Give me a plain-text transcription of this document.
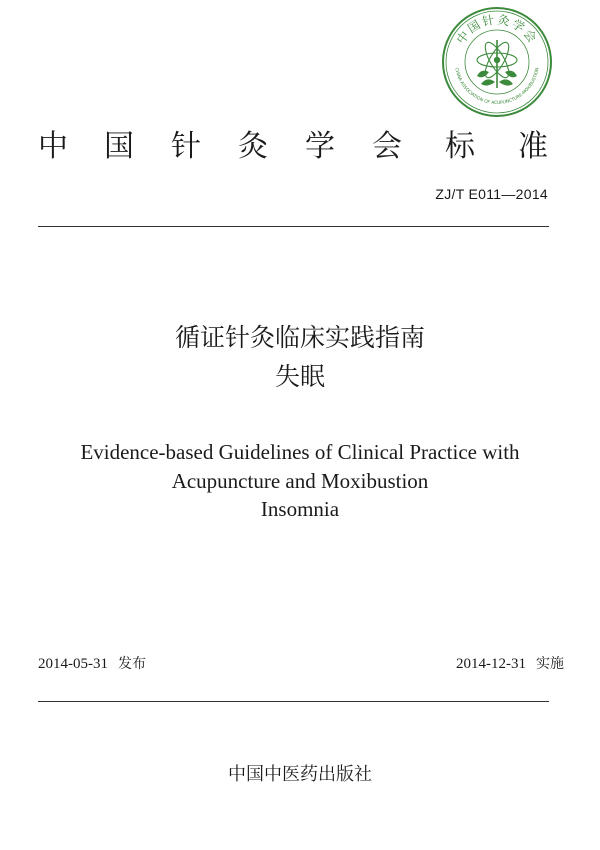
中国针灸学会
CHINA ASSOCIATION OF ACUPUNCTURE-MOXIBUSTION
中 国 针 灸 学 会 标 准
ZJ/T E011—2014
循证针灸临床实践指南
失眠
Evidence-based Guidelines of Clinical Practice with
Acupuncture and Moxibustion
Insomnia
2014-05-31 发布	2014-12-31 实施
中国中医药出版社
